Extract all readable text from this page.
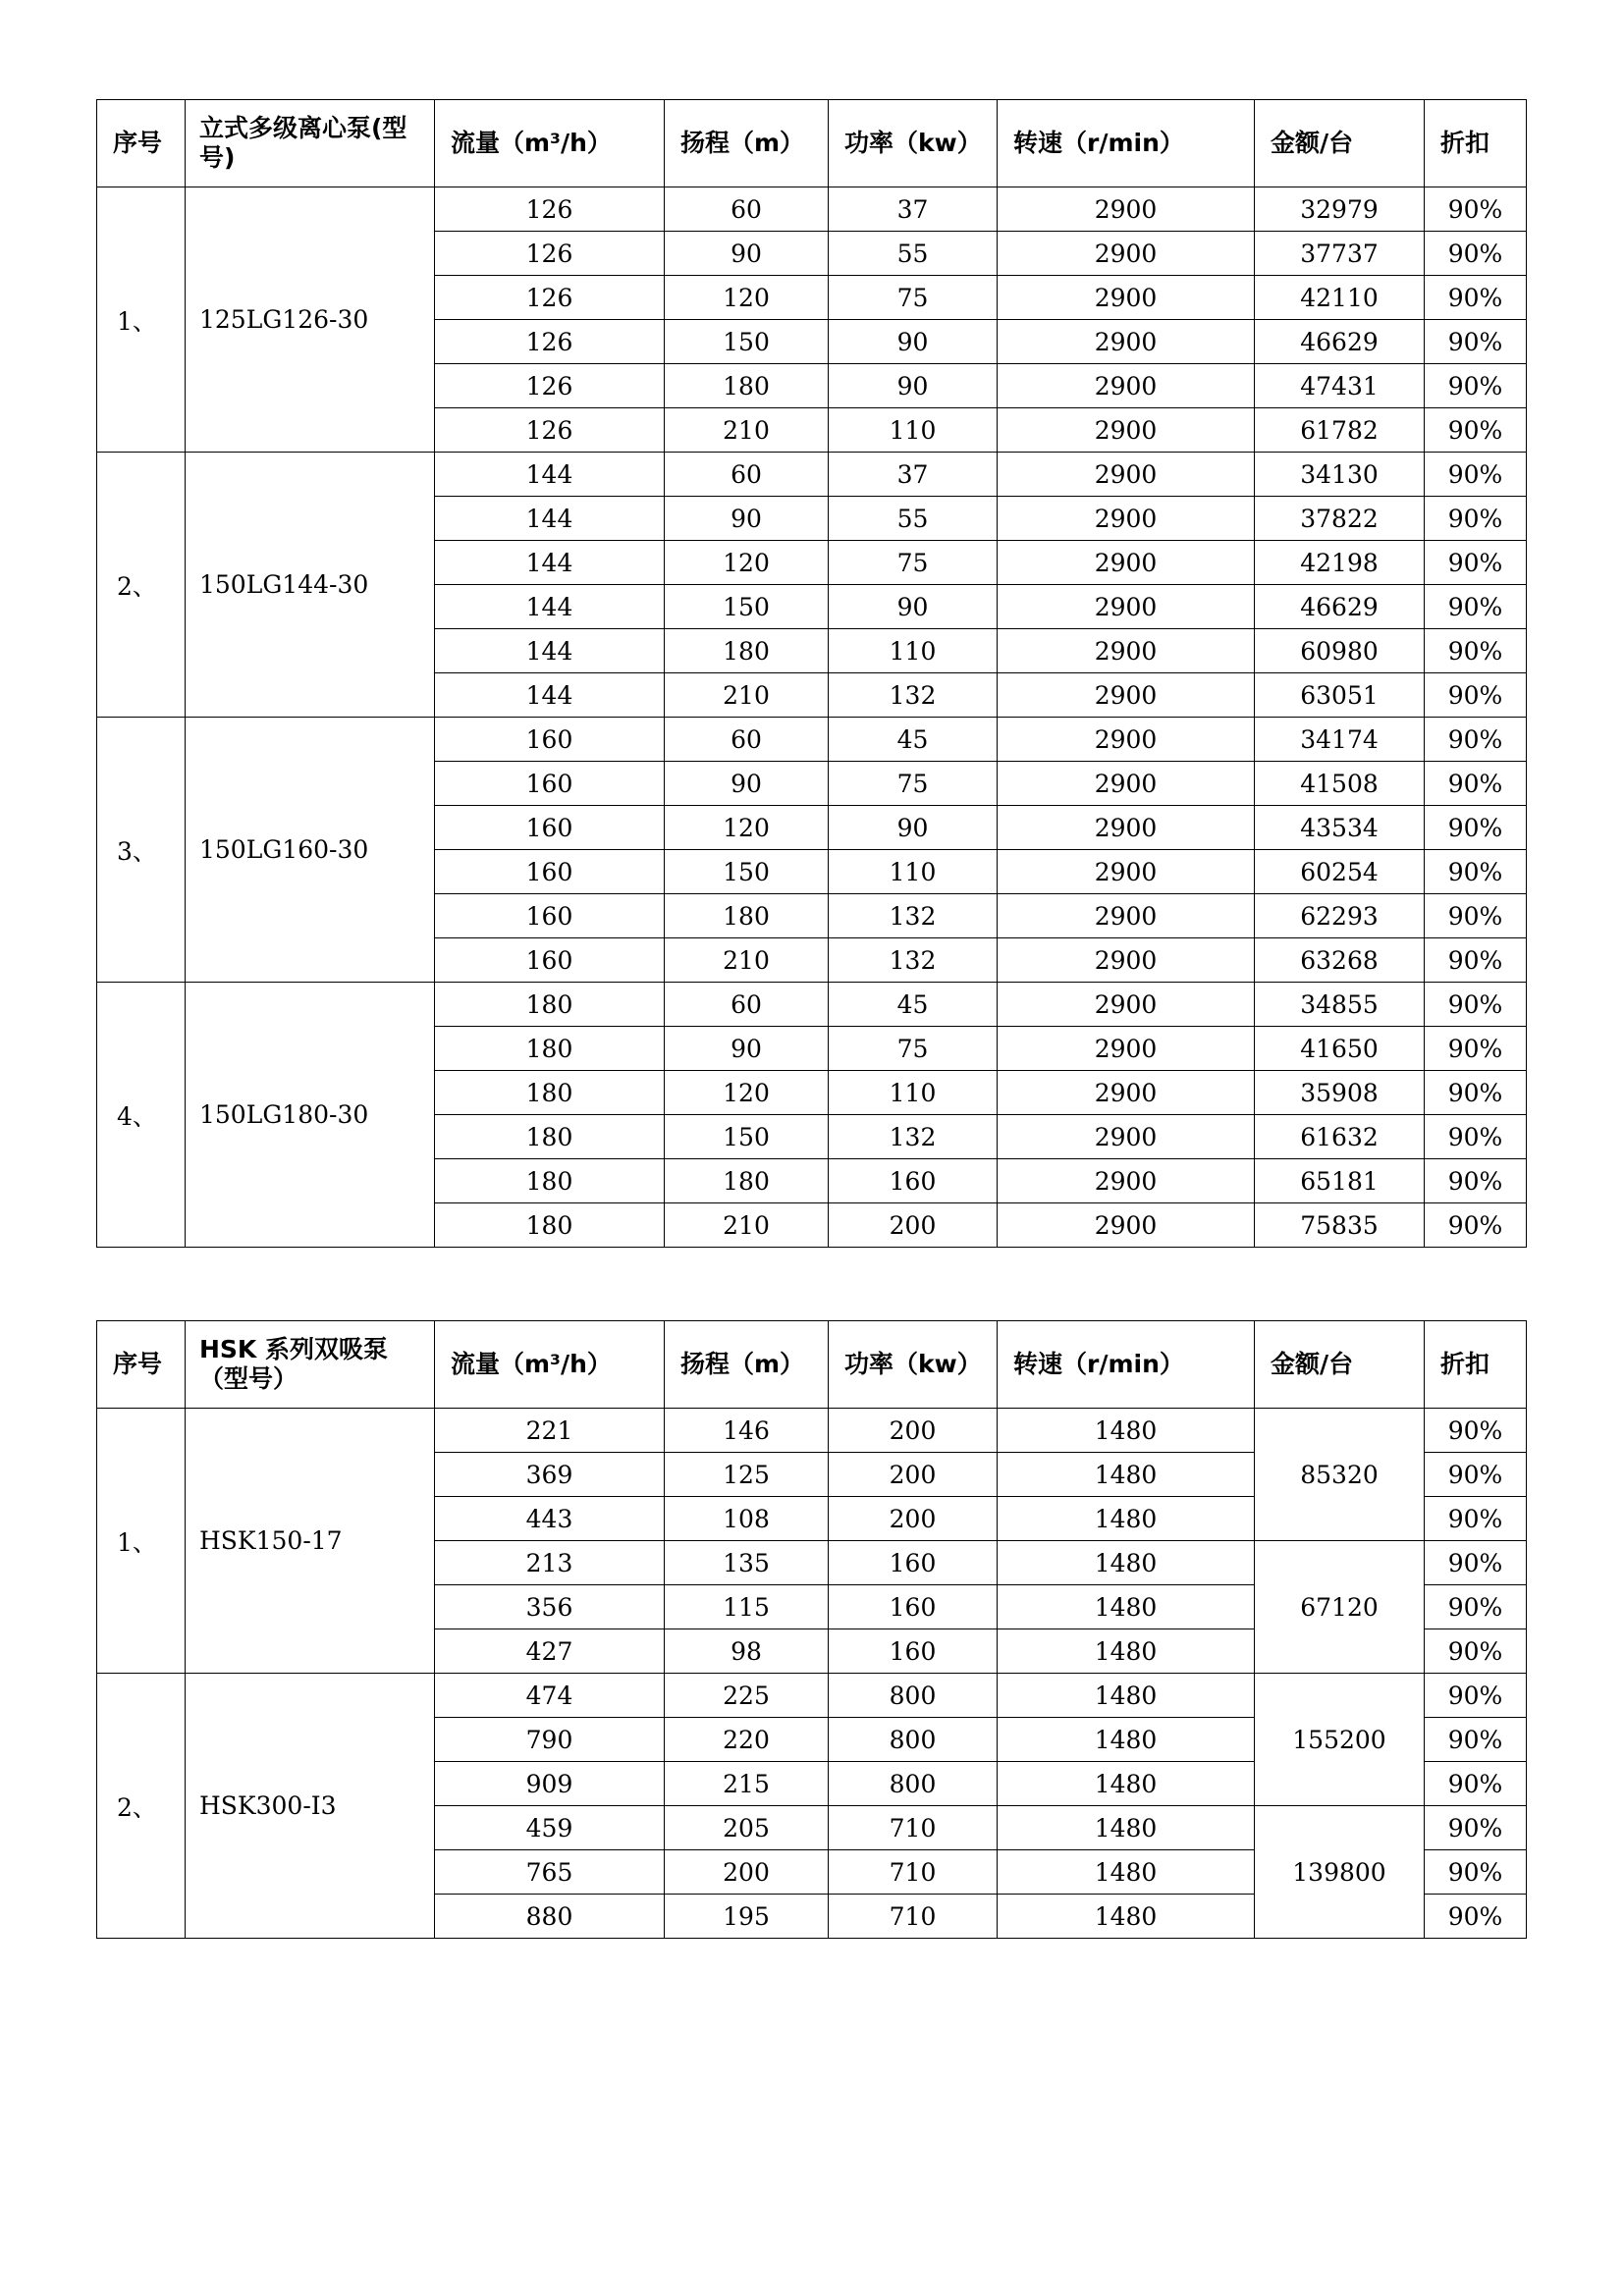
序号	立式多级离心泵(型号)	流量（m³/h）	扬程（m）	功率（kw）	转速（r/min）	金额/台	折扣
1、	125LG126-30	126	60	37	2900	32979	90%
		126	90	55	2900	37737	90%
		126	120	75	2900	42110	90%
		126	150	90	2900	46629	90%
		126	180	90	2900	47431	90%
		126	210	110	2900	61782	90%
2、	150LG144-30	144	60	37	2900	34130	90%
		144	90	55	2900	37822	90%
		144	120	75	2900	42198	90%
		144	150	90	2900	46629	90%
		144	180	110	2900	60980	90%
		144	210	132	2900	63051	90%
3、	150LG160-30	160	60	45	2900	34174	90%
		160	90	75	2900	41508	90%
		160	120	90	2900	43534	90%
		160	150	110	2900	60254	90%
		160	180	132	2900	62293	90%
		160	210	132	2900	63268	90%
4、	150LG180-30	180	60	45	2900	34855	90%
		180	90	75	2900	41650	90%
		180	120	110	2900	35908	90%
		180	150	132	2900	61632	90%
		180	180	160	2900	65181	90%
		180	210	200	2900	75835	90%
序号	HSK 系列双吸泵（型号）	流量（m³/h）	扬程（m）	功率（kw）	转速（r/min）	金额/台	折扣
1、	HSK150-17	221	146	200	1480	85320	90%
		369	125	200	1480		90%
		443	108	200	1480		90%
		213	135	160	1480	67120	90%
		356	115	160	1480		90%
		427	98	160	1480		90%
2、	HSK300-I3	474	225	800	1480	155200	90%
		790	220	800	1480		90%
		909	215	800	1480		90%
		459	205	710	1480	139800	90%
		765	200	710	1480		90%
		880	195	710	1480		90%
